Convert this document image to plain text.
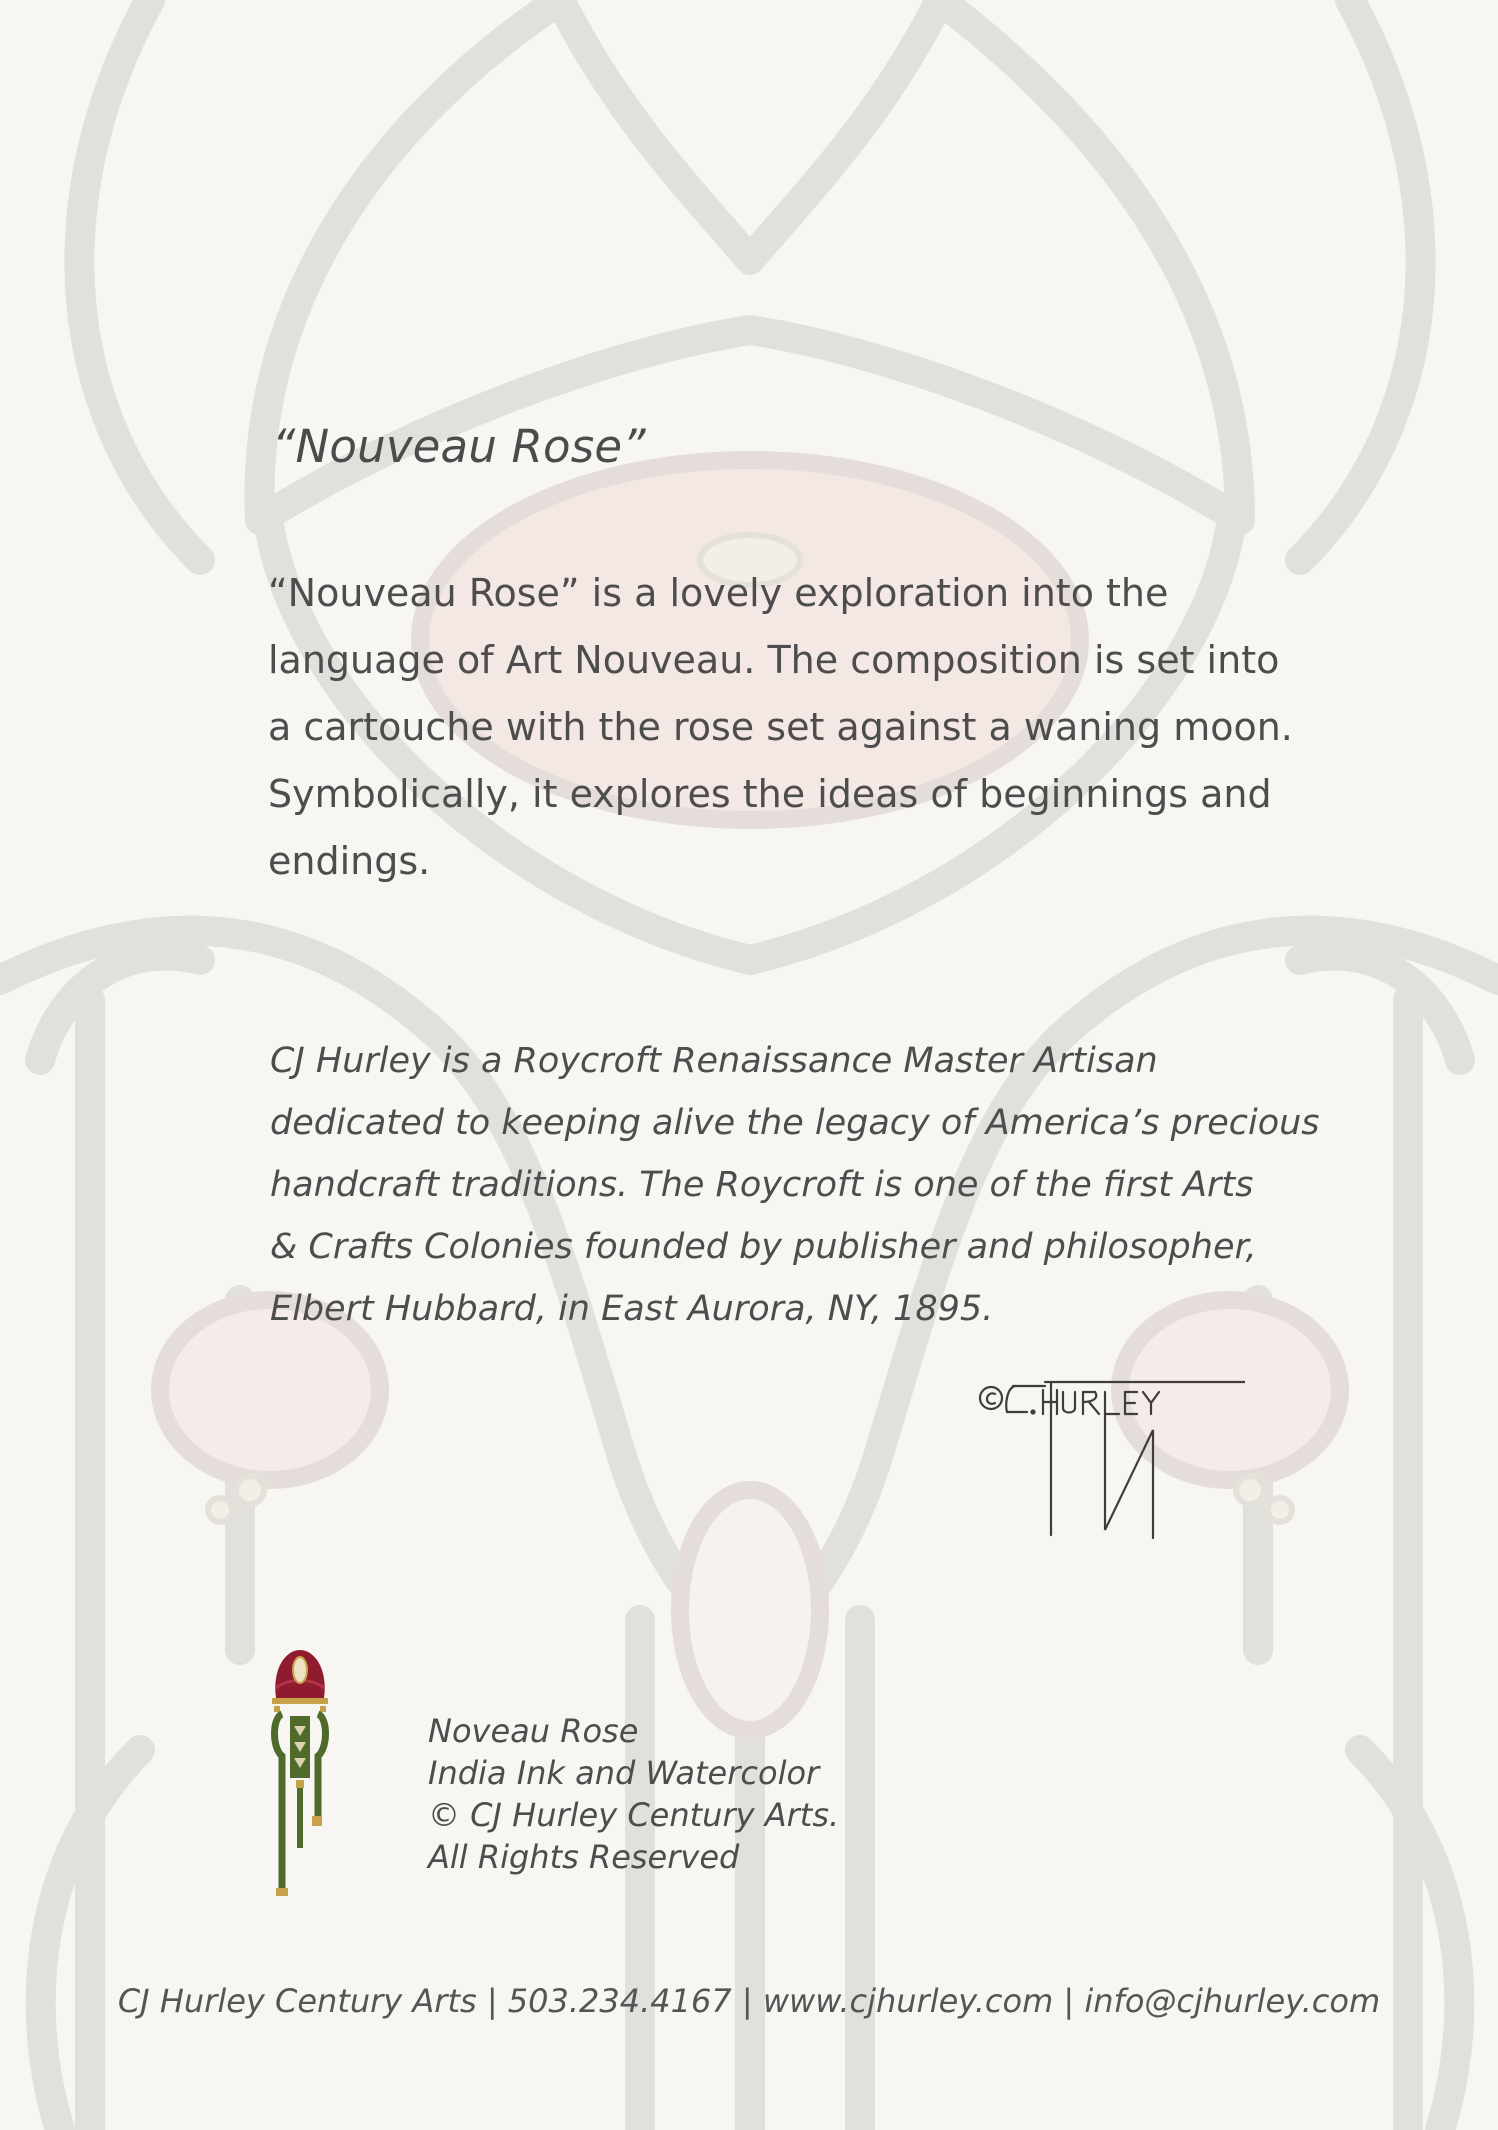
“Nouveau Rose”
“Nouveau Rose” is a lovely exploration into the
language of Art Nouveau. The composition is set into
a cartouche with the rose set against a waning moon.
Symbolically, it explores the ideas of beginnings and
endings.
CJ Hurley is a Roycroft Renaissance Master Artisan
dedicated to keeping alive the legacy of America’s precious
handcraft traditions. The Roycroft is one of the first Arts
& Crafts Colonies founded by publisher and philosopher,
Elbert Hubbard, in East Aurora, NY, 1895.
Noveau Rose
India Ink and Watercolor
© CJ Hurley Century Arts.
All Rights Reserved
CJ Hurley Century Arts | 503.234.4167 | www.cjhurley.com | info@cjhurley.com
